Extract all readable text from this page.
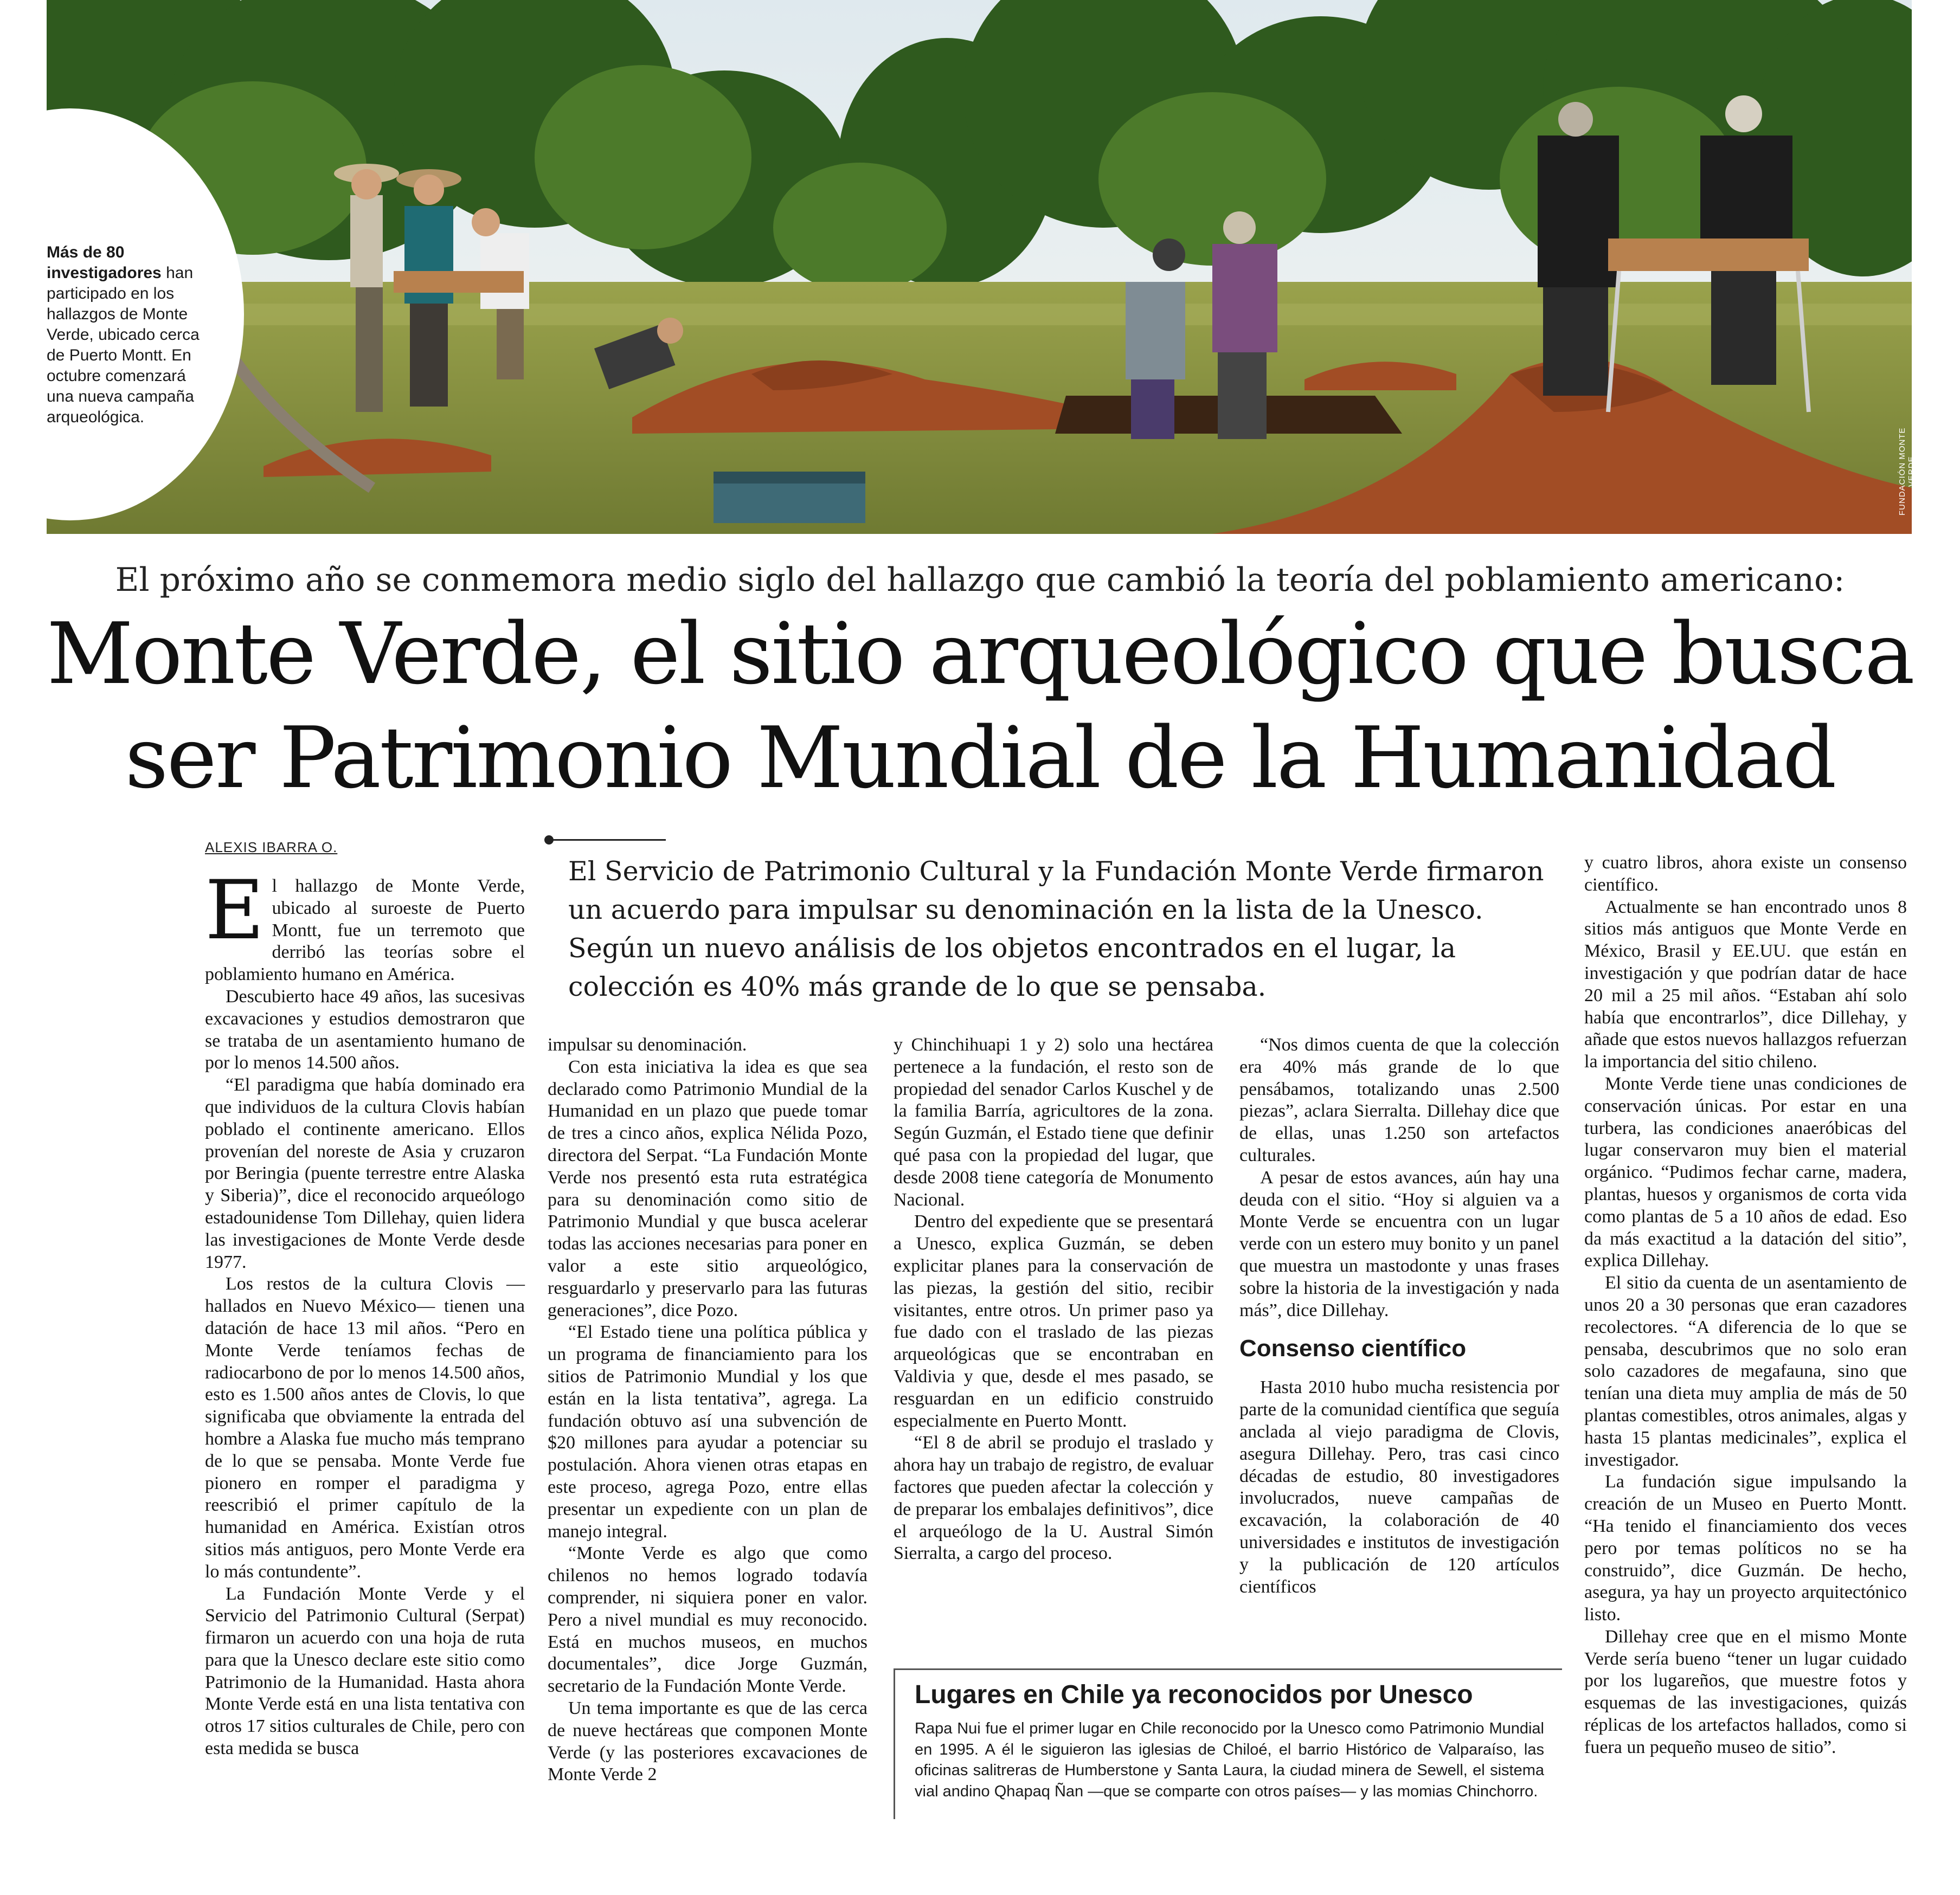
FUNDACIÓN MONTE VERDE
Más de 80 investigadores han participado en los hallazgos de Monte Verde, ubicado cerca de Puerto Montt. En octubre comenzará una nueva campaña arqueológica.
El próximo año se conmemora medio siglo del hallazgo que cambió la teoría del poblamiento americano:
Monte Verde, el sitio arqueológico que busca
ser Patrimonio Mundial de la Humanidad
ALEXIS IBARRA O.
El Servicio de Patrimonio Cultural y la Fundación Monte Verde firmaron un acuerdo para impulsar su denominación en la lista de la Unesco. Según un nuevo análisis de los objetos encontrados en el lugar, la colección es 40% más grande de lo que se pensaba.

El hallazgo de Monte Verde, ubicado al suroeste de Puerto Montt, fue un terremoto que derribó las teorías sobre el poblamiento humano en América.

Descubierto hace 49 años, las sucesivas excavaciones y estudios demostraron que se trataba de un asentamiento humano de por lo menos 14.500 años.

“El paradigma que había dominado era que individuos de la cultura Clovis habían poblado el continente americano. Ellos provenían del noreste de Asia y cruzaron por Beringia (puente terrestre entre Alaska y Siberia)”, dice el reconocido arqueólogo estadounidense Tom Dillehay, quien lidera las investigaciones de Monte Verde desde 1977.

Los restos de la cultura Clovis —hallados en Nuevo México— tienen una datación de hace 13 mil años. “Pero en Monte Verde teníamos fechas de radiocarbono de por lo menos 14.500 años, esto es 1.500 años antes de Clovis, lo que significaba que obviamente la entrada del hombre a Alaska fue mucho más temprano de lo que se pensaba. Monte Verde fue pionero en romper el paradigma y reescribió el primer capítulo de la humanidad en América. Existían otros sitios más antiguos, pero Monte Verde era lo más contundente”.

La Fundación Monte Verde y el Servicio del Patrimonio Cultural (Serpat) firmaron un acuerdo con una hoja de ruta para que la Unesco declare este sitio como Patrimonio de la Humanidad. Hasta ahora Monte Verde está en una lista tentativa con otros 17 sitios culturales de Chile, pero con esta medida se busca

impulsar su denominación.

Con esta iniciativa la idea es que sea declarado como Patrimonio Mundial de la Humanidad en un plazo que puede tomar de tres a cinco años, explica Nélida Pozo, directora del Serpat. “La Fundación Monte Verde nos presentó esta ruta estratégica para su denominación como sitio de Patrimonio Mundial y que busca acelerar todas las acciones necesarias para poner en valor a este sitio arqueológico, resguardarlo y preservarlo para las futuras generaciones”, dice Pozo.

“El Estado tiene una política pública y un programa de financiamiento para los sitios de Patrimonio Mundial y los que están en la lista tentativa”, agrega. La fundación obtuvo así una subvención de $20 millones para ayudar a potenciar su postulación. Ahora vienen otras etapas en este proceso, agrega Pozo, entre ellas presentar un expediente con un plan de manejo integral.

“Monte Verde es algo que como chilenos no hemos logrado todavía comprender, ni siquiera poner en valor. Pero a nivel mundial es muy reconocido. Está en muchos museos, en muchos documentales”, dice Jorge Guzmán, secretario de la Fundación Monte Verde.

Un tema importante es que de las cerca de nueve hectáreas que componen Monte Verde (y las posteriores excavaciones de Monte Verde 2

y Chinchihuapi 1 y 2) solo una hectárea pertenece a la fundación, el resto son de propiedad del senador Carlos Kuschel y de la familia Barría, agricultores de la zona. Según Guzmán, el Estado tiene que definir qué pasa con la propiedad del lugar, que desde 2008 tiene categoría de Monumento Nacional.

Dentro del expediente que se presentará a Unesco, explica Guzmán, se deben explicitar planes para la conservación de las piezas, la gestión del sitio, recibir visitantes, entre otros. Un primer paso ya fue dado con el traslado de las piezas arqueológicas que se encontraban en Valdivia y que, desde el mes pasado, se resguardan en un edificio construido especialmente en Puerto Montt.

“El 8 de abril se produjo el traslado y ahora hay un trabajo de registro, de evaluar factores que pueden afectar la colección y de preparar los embalajes definitivos”, dice el arqueólogo de la U. Austral Simón Sierralta, a cargo del proceso.

“Nos dimos cuenta de que la colección era 40% más grande de lo que pensábamos, totalizando unas 2.500 piezas”, aclara Sierralta. Dillehay dice que de ellas, unas 1.250 son artefactos culturales.

A pesar de estos avances, aún hay una deuda con el sitio. “Hoy si alguien va a Monte Verde se encuentra con un lugar verde con un estero muy bonito y un panel que muestra un mastodonte y unas frases sobre la historia de la investigación y nada más”, dice Dillehay.

Consenso científico

Hasta 2010 hubo mucha resistencia por parte de la comunidad científica que seguía anclada al viejo paradigma de Clovis, asegura Dillehay. Pero, tras casi cinco décadas de estudio, 80 investigadores involucrados, nueve campañas de excavación, la colaboración de 40 universidades e institutos de investigación y la publicación de 120 artículos científicos

y cuatro libros, ahora existe un consenso científico.

Actualmente se han encontrado unos 8 sitios más antiguos que Monte Verde en México, Brasil y EE.UU. que están en investigación y que podrían datar de hace 20 mil a 25 mil años. “Estaban ahí solo había que encontrarlos”, dice Dillehay, y añade que estos nuevos hallazgos refuerzan la importancia del sitio chileno.

Monte Verde tiene unas condiciones de conservación únicas. Por estar en una turbera, las condiciones anaeróbicas del lugar conservaron muy bien el material orgánico. “Pudimos fechar carne, madera, plantas, huesos y organismos de corta vida como plantas de 5 a 10 años de edad. Eso da más exactitud a la datación del sitio”, explica Dillehay.

El sitio da cuenta de un asentamiento de unos 20 a 30 personas que eran cazadores recolectores. “A diferencia de lo que se pensaba, descubrimos que no solo eran solo cazadores de megafauna, sino que tenían una dieta muy amplia de más de 50 plantas comestibles, otros animales, algas y hasta 15 plantas medicinales”, explica el investigador.

La fundación sigue impulsando la creación de un Museo en Puerto Montt. “Ha tenido el financiamiento dos veces pero por temas políticos no se ha construido”, dice Guzmán. De hecho, asegura, ya hay un proyecto arquitectónico listo.

Dillehay cree que en el mismo Monte Verde sería bueno “tener un lugar cuidado por los lugareños, que muestre fotos y esquemas de las investigaciones, quizás réplicas de los artefactos hallados, como si fuera un pequeño museo de sitio”.

Lugares en Chile ya reconocidos por Unesco
Rapa Nui fue el primer lugar en Chile reconocido por la Unesco como Patrimonio Mundial en 1995. A él le siguieron las iglesias de Chiloé, el barrio Histórico de Valparaíso, las oficinas salitreras de Humberstone y Santa Laura, la ciudad minera de Sewell, el sistema vial andino Qhapaq Ñan —que se comparte con otros países— y las momias Chinchorro.
